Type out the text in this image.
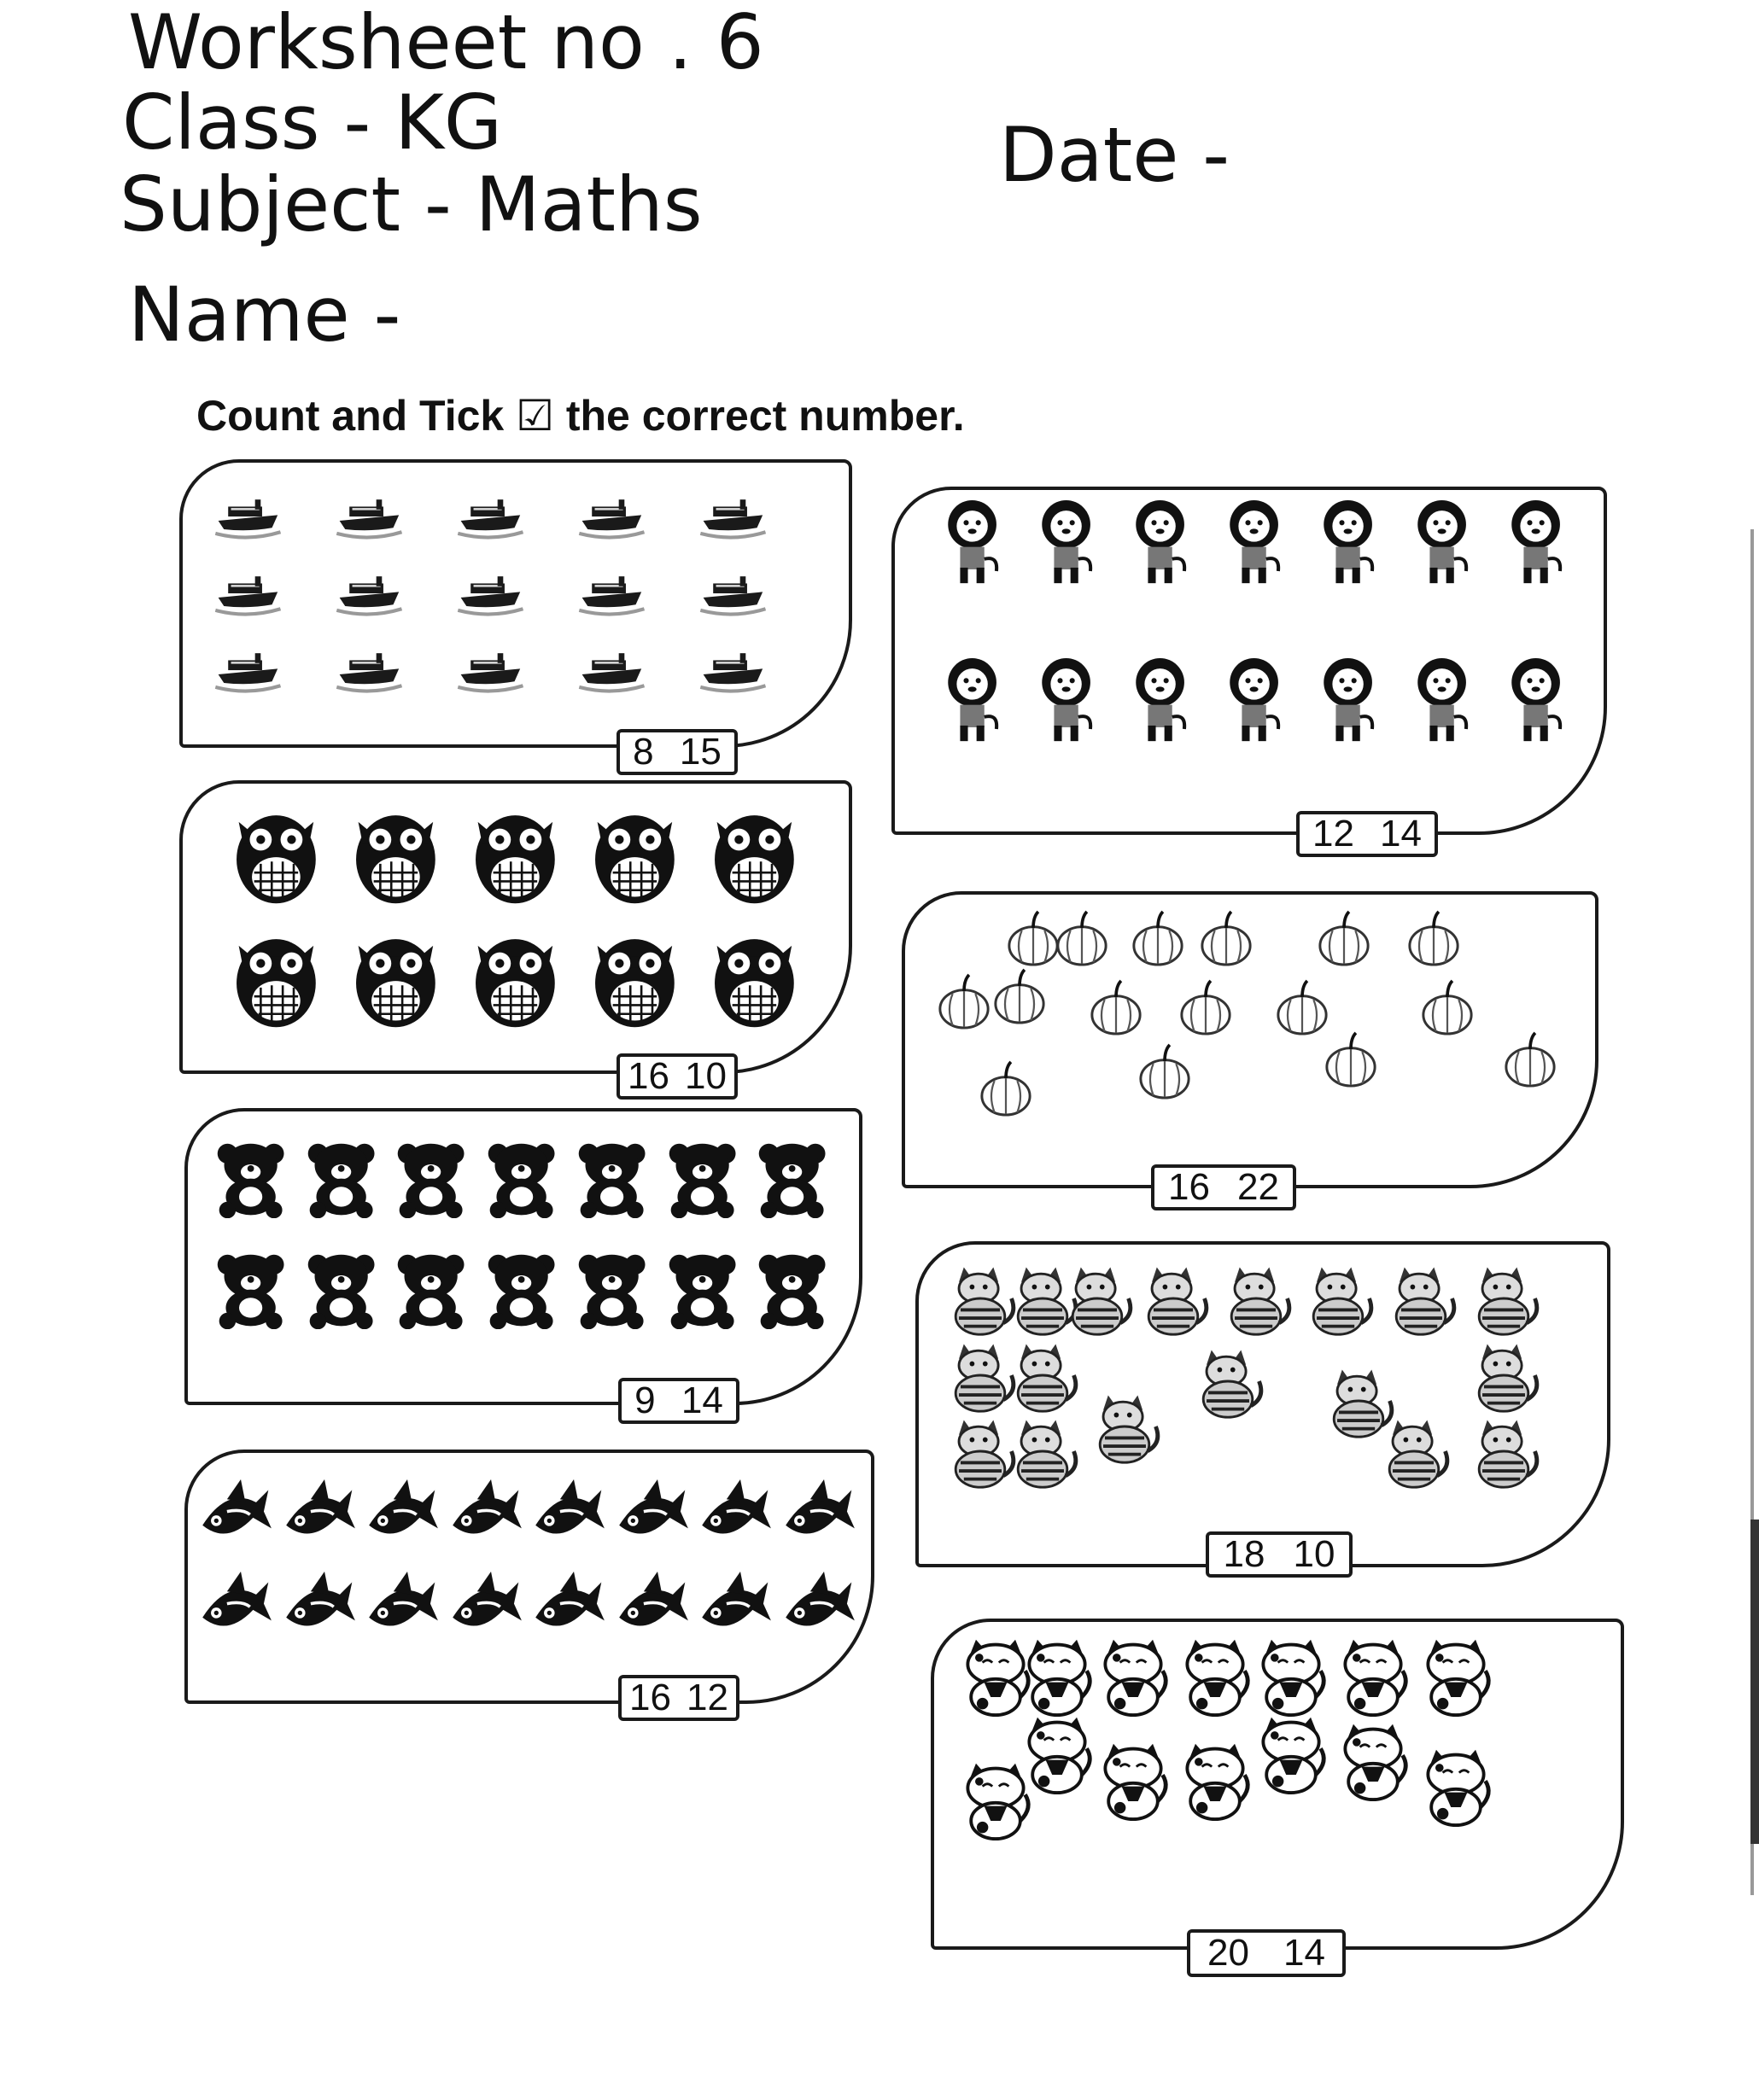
Worksheet no . 6
Class - KG
Subject - Maths
Date -
Name -
Count and Tick ☑ the correct number.
8 15
16 10
9 14
16 12
12 14
16 22
18 10
20 14
